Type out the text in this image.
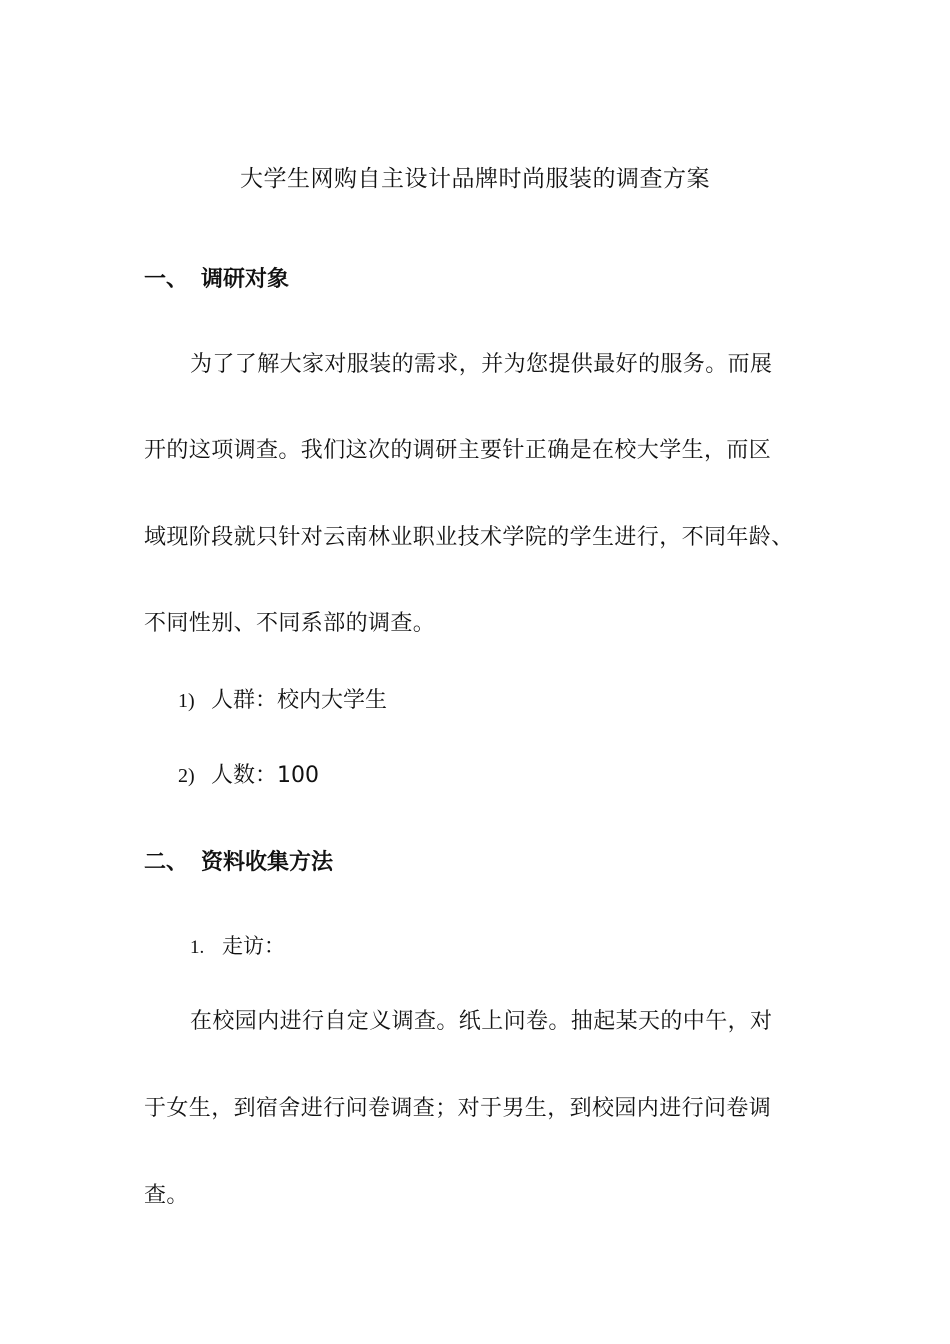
大学生网购自主设计品牌时尚服装的调查方案
一、 调研对象
为了了解大家对服装的需求，并为您提供最好的服务。而展
开的这项调查。我们这次的调研主要针正确是在校大学生，而区
域现阶段就只针对云南林业职业技术学院的学生进行，不同年龄、
不同性别、不同系部的调查。
1) 人群：校内大学生
2) 人数：100
二、 资料收集方法
1. 走访：
在校园内进行自定义调查。纸上问卷。抽起某天的中午，对
于女生，到宿舍进行问卷调查；对于男生，到校园内进行问卷调
查。
